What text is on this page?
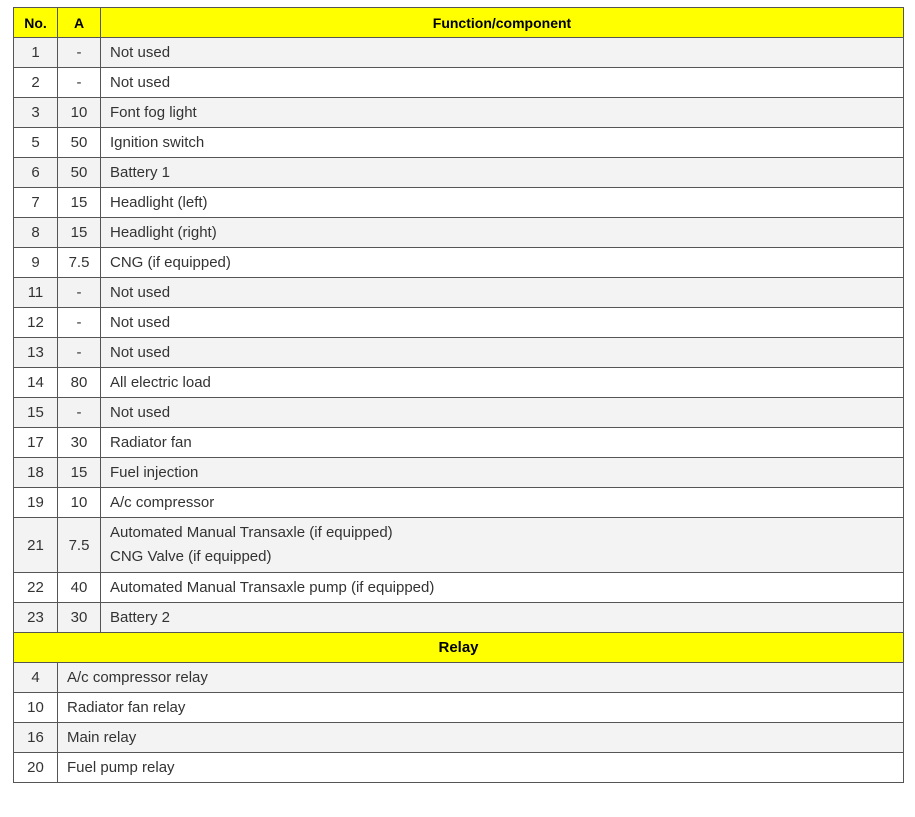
No.	A	Function/component
1	-	Not used

2	-	Not used

3	10	Font fog light

5	50	Ignition switch

6	50	Battery 1

7	15	Headlight (left)

8	15	Headlight (right)

9	7.5	CNG (if equipped)

11	-	Not used

12	-	Not used

13	-	Not used

14	80	All electric load

15	-	Not used

17	30	Radiator fan

18	15	Fuel injection

19	10	A/c compressor

21	7.5	Automated Manual Transaxle (if equipped)
CNG Valve (if equipped)

22	40	Automated Manual Transaxle pump (if equipped)

23	30	Battery 2

Relay		
4	A/c compressor relay	
10	Radiator fan relay	
16	Main relay	
20	Fuel pump relay	
